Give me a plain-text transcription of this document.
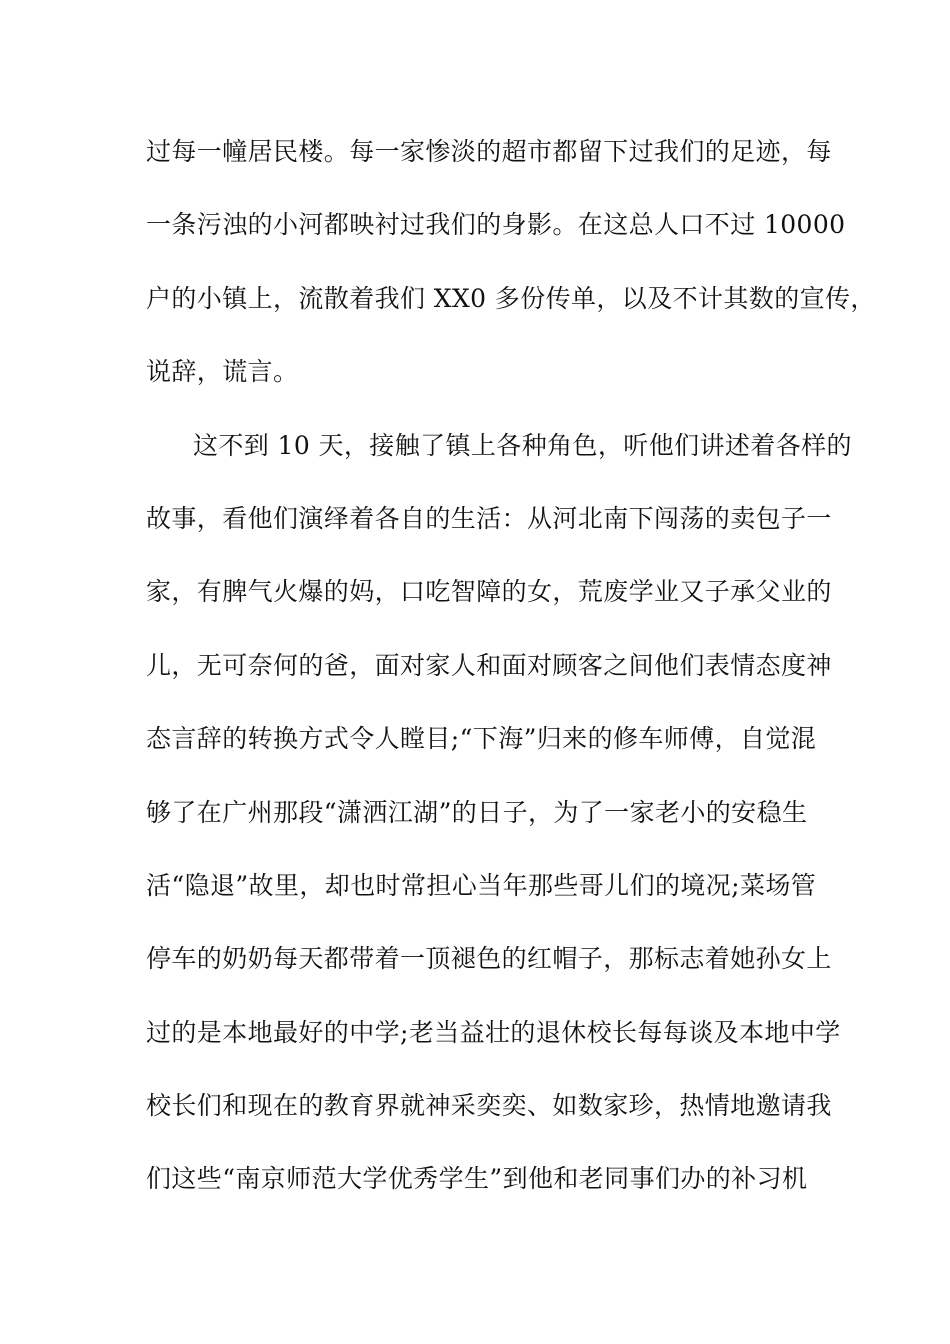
过每一幢居民楼。每一家惨淡的超市都留下过我们的足迹，每
一条污浊的小河都映衬过我们的身影。在这总人口不过 10000
户的小镇上，流散着我们 XX0 多份传单，以及不计其数的宣传，
说辞，谎言。
这不到 10 天，接触了镇上各种角色，听他们讲述着各样的
故事，看他们演绎着各自的生活：从河北南下闯荡的卖包子一
家，有脾气火爆的妈，口吃智障的女，荒废学业又子承父业的
儿，无可奈何的爸，面对家人和面对顾客之间他们表情态度神
态言辞的转换方式令人瞠目;“下海”归来的修车师傅，自觉混
够了在广州那段“潇洒江湖”的日子，为了一家老小的安稳生
活“隐退”故里，却也时常担心当年那些哥儿们的境况;菜场管
停车的奶奶每天都带着一顶褪色的红帽子，那标志着她孙女上
过的是本地最好的中学;老当益壮的退休校长每每谈及本地中学
校长们和现在的教育界就神采奕奕、如数家珍，热情地邀请我
们这些“南京师范大学优秀学生”到他和老同事们办的补习机
